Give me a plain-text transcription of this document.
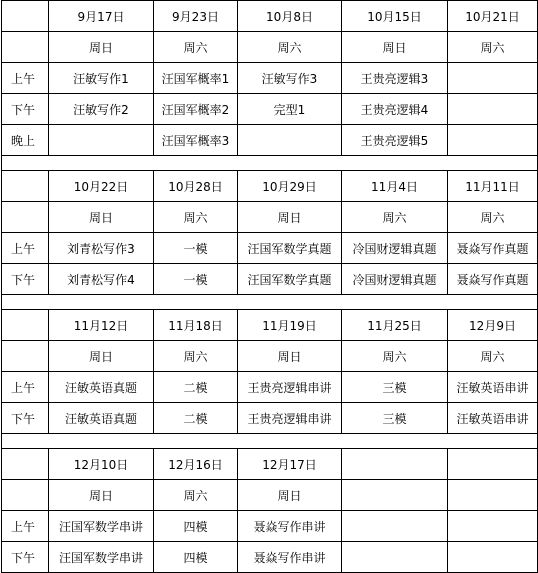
	9月17日	9月23日	10月8日	10月15日	10月21日
	周日	周六	周六	周日	周六
上午	汪敏写作1	汪国军概率1	汪敏写作3	王贵亮逻辑3	
下午	汪敏写作2	汪国军概率2	完型1	王贵亮逻辑4	
晚上		汪国军概率3		王贵亮逻辑5	

	10月22日	10月28日	10月29日	11月4日	11月11日
	周日	周六	周日	周六	周六
上午	刘青松写作3	一模	汪国军数学真题	冷国财逻辑真题	聂焱写作真题
下午	刘青松写作4	一模	汪国军数学真题	冷国财逻辑真题	聂焱写作真题

	11月12日	11月18日	11月19日	11月25日	12月9日
	周日	周六	周日	周六	周六
上午	汪敏英语真题	二模	王贵亮逻辑串讲	三模	汪敏英语串讲
下午	汪敏英语真题	二模	王贵亮逻辑串讲	三模	汪敏英语串讲

	12月10日	12月16日	12月17日		
	周日	周六	周日		
上午	汪国军数学串讲	四模	聂焱写作串讲		
下午	汪国军数学串讲	四模	聂焱写作串讲		
